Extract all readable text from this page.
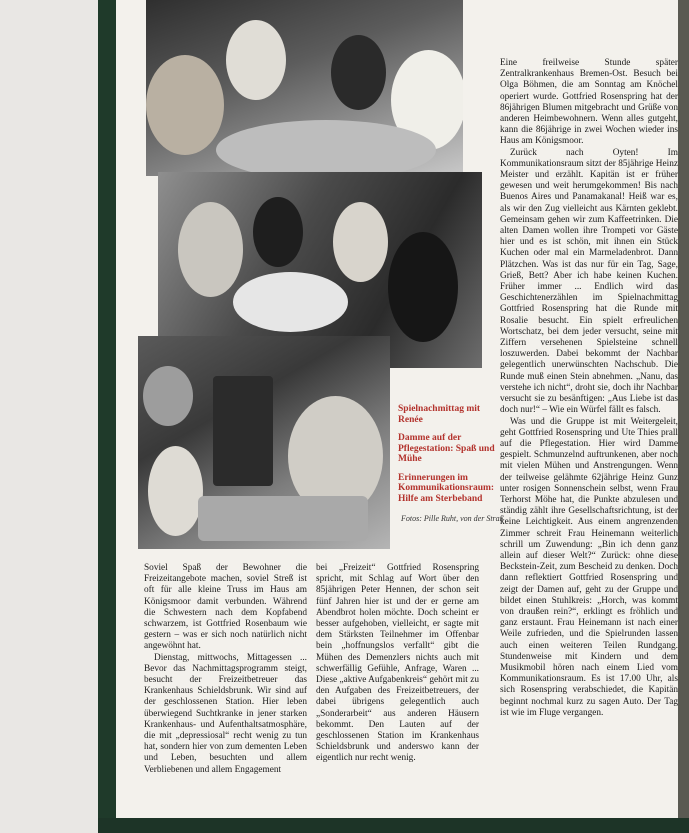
Spielnachmittag mit Renée

Damme auf der Pflegestation: Spaß und Mühe

Erinnerungen im Kommunikationsraum: Hilfe am Sterbeband

Fotos: Pille Ruht, von der Straß

Eine freilweise Stunde später Zentralkrankenhaus Bremen-Ost. Besuch bei Olga Böhmen, die am Sonntag am Knöchel operiert wurde. Gottfried Rosenspring hat der 86jährigen Blumen mitgebracht und Grüße von anderen Heimbewohnern. Wenn alles gutgeht, kann die 86jährige in zwei Wochen wieder ins Haus am Königsmoor.

Zurück nach Oyten! Im Kommunikationsraum sitzt der 85jährige Heinz Meister und erzählt. Kapitän ist er früher gewesen und weit herumgekommen! Bis nach Buenos Aires und Panamakanal! Heiß war es, als wir den Zug vielleicht aus Kärnten geklebt. Gemeinsam gehen wir zum Kaffeetrinken. Die alten Damen wollen ihre Trompeti vor Gäste hier und es ist schön, mit ihnen ein Stück Kuchen oder mal ein Marmeladenbrot. Dann Plätzchen. Was ist das nur für ein Tag, Sage, Grieß, Bett? Aber ich habe keinen Kuchen. Früher immer ... Endlich wird das Geschichtenerzählen im Spielnachmittag Gottfried Rosenspring hat die Runde mit Rosalie besucht. Ein spielt erfreulichen Wortschatz, bei dem jeder versucht, seine mit Ziffern versehenen Spielsteine schnell loszuwerden. Dabei bekommt der Nachbar gelegentlich unerwünschten Nachschub. Die Runde muß einen Stein abnehmen. „Nanu, das verstehe ich nicht“, droht sie, doch ihr Nachbar versucht sie zu besänftigen: „Aus Liebe ist das doch nur!“ – Wie ein Würfel fällt es falsch.

Was und die Gruppe ist mit Weitergeleit, geht Gottfried Rosenspring und Ute Thies prall auf die Pflegestation. Hier wird Damme gespielt. Schmunzelnd auftrunkenen, aber noch mit vielen Mühen und Anstrengungen. Wenn der teilweise gelähmte 62jährige Heinz Gunz unter rosigen Sonnenschein selbst, wenn Frau Terhorst Möhe hat, die Punkte abzulesen und ständig zählt ihre Gesellschaftsrichtung, ist der keine Leichtigkeit. Aus einem angrenzenden Zimmer schreit Frau Heinemann weiterlich schrill um Zuwendung: „Bin ich denn ganz allein auf dieser Welt?“ Zurück: ohne diese Beckstein-Zeit, zum Bescheid zu denken. Doch dann reflektiert Gottfried Rosenspring und zeigt der Damen auf, geht zu der Gruppe und bildet einen Stuhlkreis: „Horch, was kommt von draußen rein?“, erklingt es fröhlich und ganz erstaunt. Frau Heinemann ist nach einer Weile zufrieden, und die Spielrunden lassen auch einen weiteren Teilen Rundgang. Stundenweise mit Kindern und dem Musikmobil hören nach einem Lied vom Kommunikationsraum. Es ist 17.00 Uhr, als sich Rosenspring verabschiedet, die Kapitän beginnt nochmal kurz zu sagen Auto. Der Tag ist wie im Fluge vergangen.

Soviel Spaß der Bewohner die Freizeitangebote machen, soviel Streß ist oft für alle kleine Truss im Haus am Königsmoor damit verbunden. Während die Schwestern nach dem Kopfabend schwarzem, ist Gottfried Rosenbaum wie gestern – was er sich noch natürlich nicht angewöhnt hat.

Dienstag, mittwochs, Mittagessen ... Bevor das Nachmittagsprogramm steigt, besucht der Freizeitbetreuer das Krankenhaus Schieldsbrunk. Wir sind auf der geschlossenen Station. Hier leben überwiegend Suchtkranke in jener starken Krankenhaus- und Aufenthaltsatmosphäre, die mit „depressiosal“ recht wenig zu tun hat, sondern hier von zum dementen Leben und Leben, besuchten und allem Verbliebenen und allem Engagement

bei „Freizeit“ Gottfried Rosenspring spricht, mit Schlag auf Wort über den 85jährigen Peter Hennen, der schon seit fünf Jahren hier ist und der er gerne am Abendbrot holen möchte. Doch scheint er besser aufgehoben, vielleicht, er sagte mit dem Stärksten Teilnehmer im Offenbar bein „hoffnungslos verfallt“ gibt die Mühen des Demenzlers nichts auch mit schwerfällig Gefühle, Anfrage, Waren ... Diese „aktive Aufgabenkreis“ gehört mit zu den Aufgaben des Freizeitbetreuers, der dabei übrigens gelegentlich auch „Sonderarbeit“ aus anderen Häusern bekommt. Den Lauten auf der geschlossenen Station im Krankenhaus Schieldsbrunk und anderswo kann der eigentlich nur recht wenig.
